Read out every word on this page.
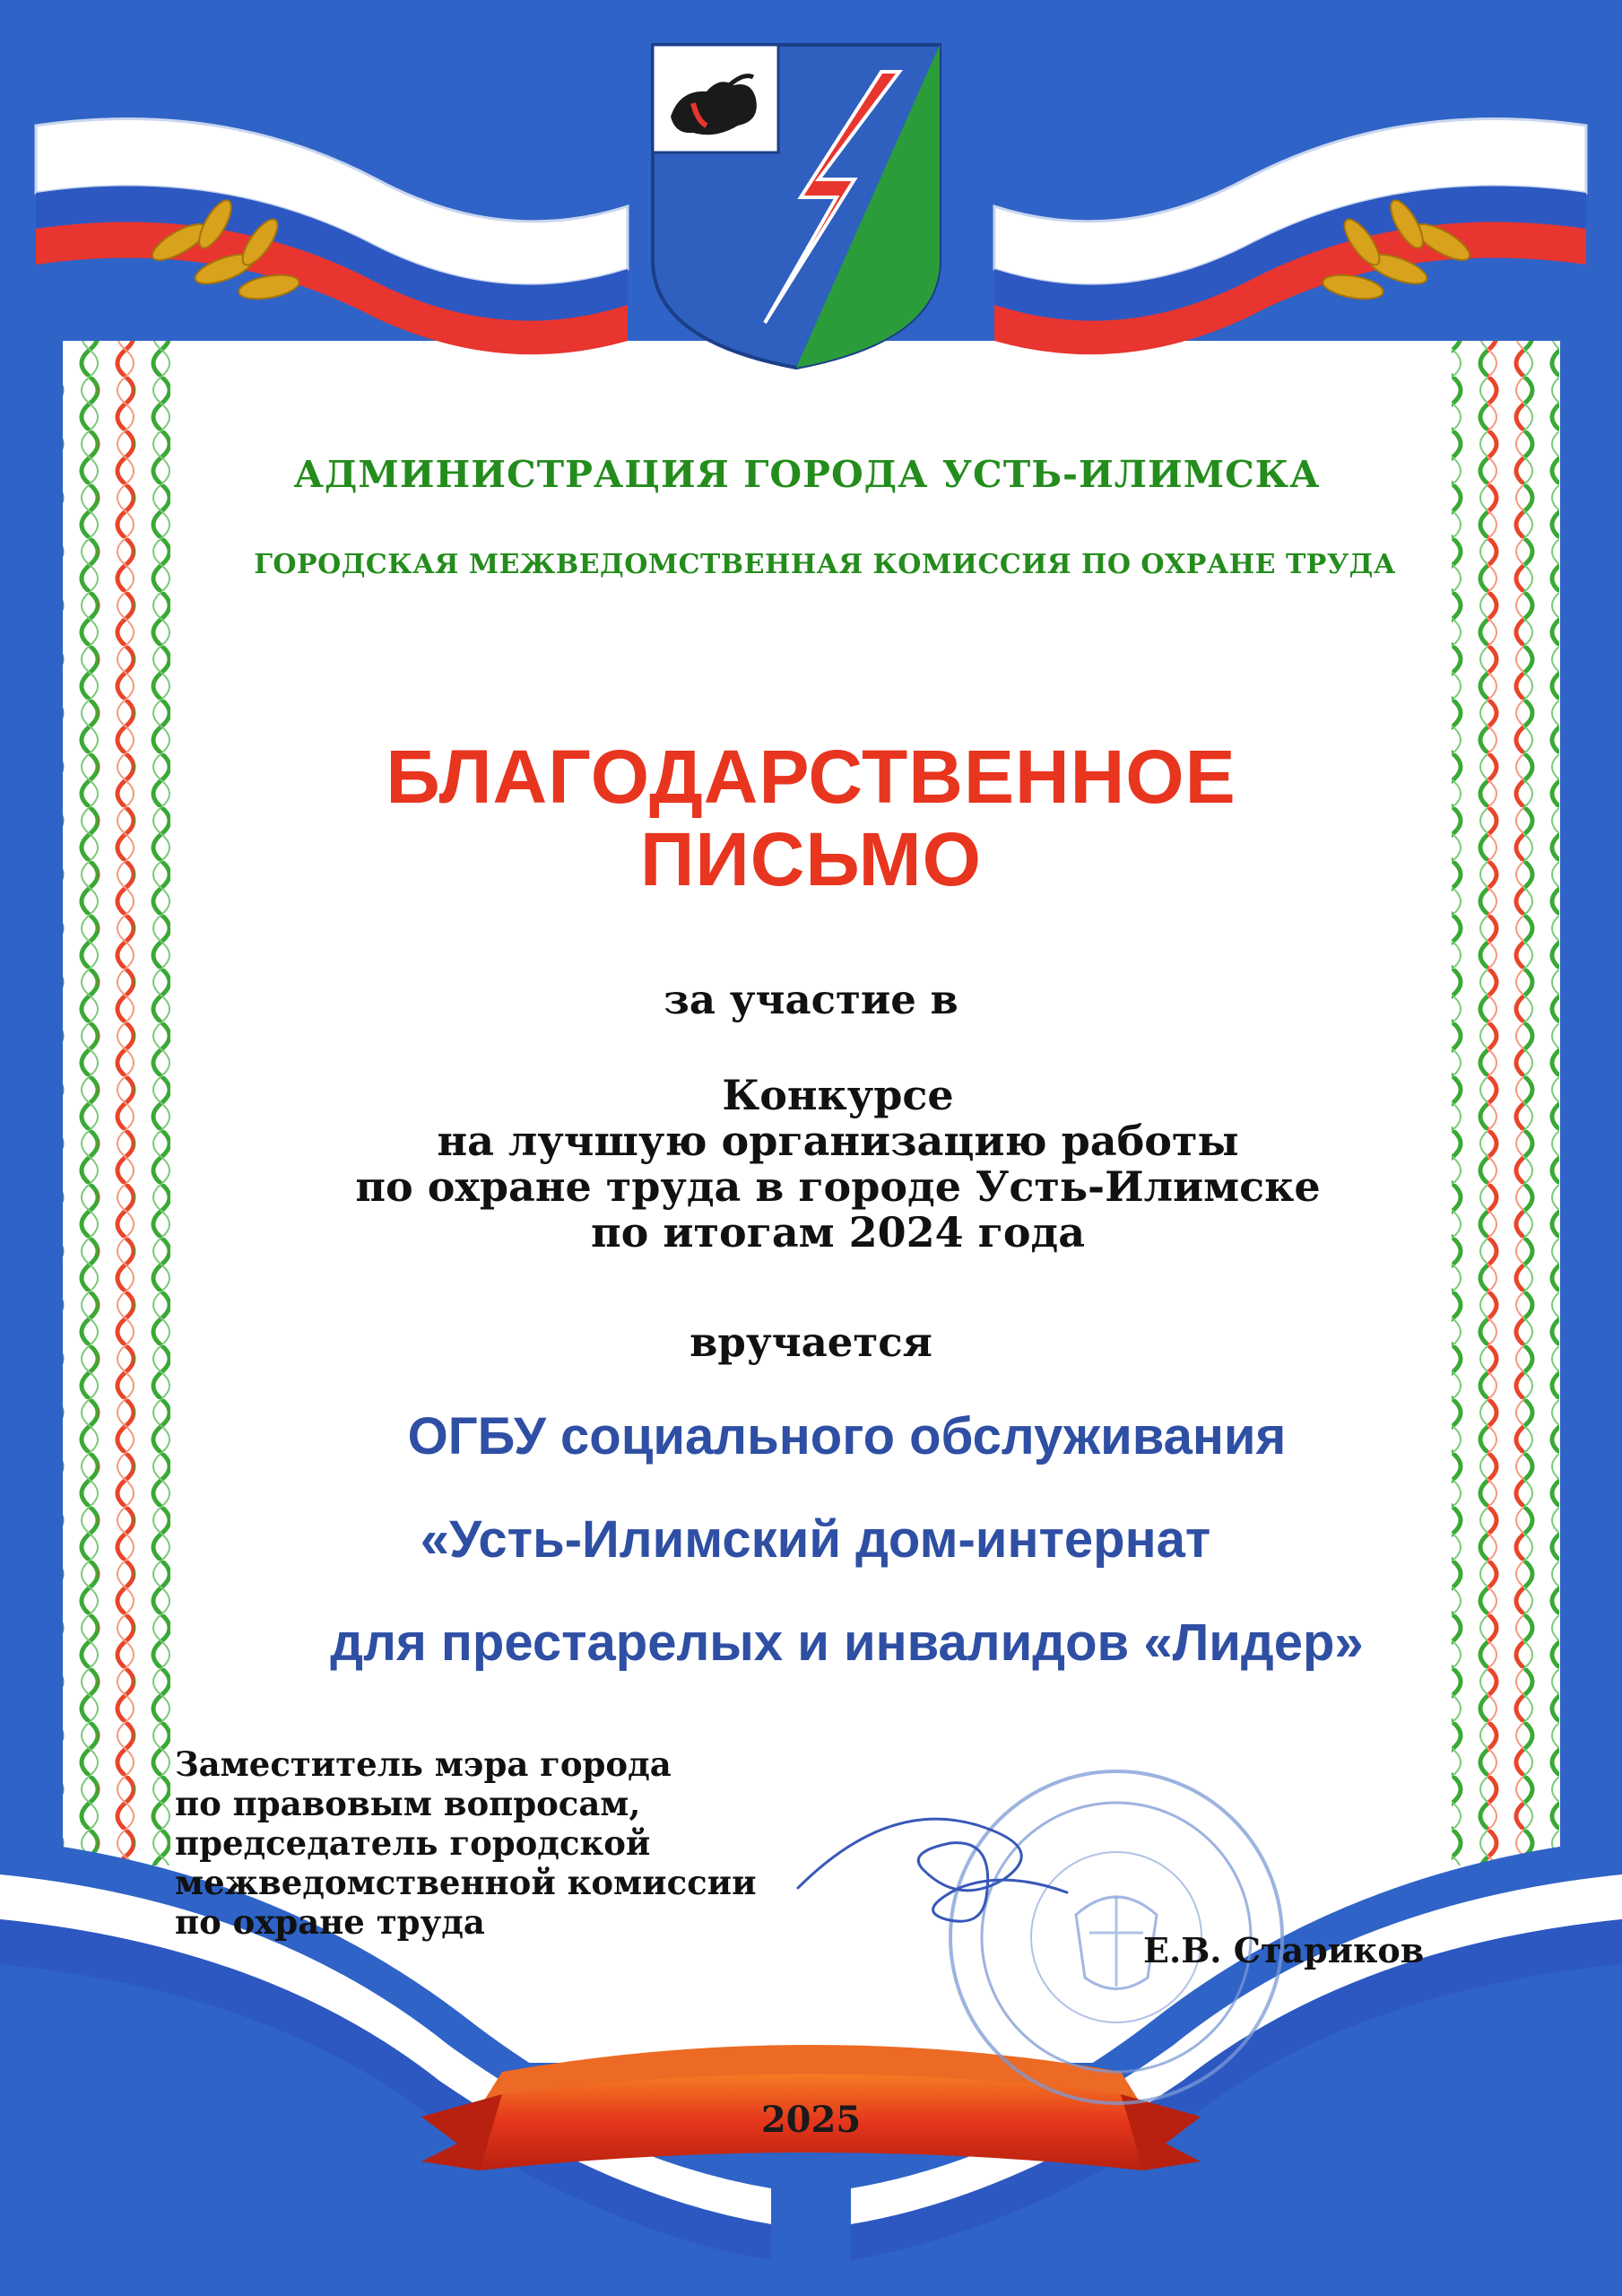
АДМИНИСТРАЦИЯ ГОРОДА УСТЬ-ИЛИМСКА
ГОРОДСКАЯ МЕЖВЕДОМСТВЕННАЯ КОМИССИЯ ПО ОХРАНЕ ТРУДА
БЛАГОДАРСТВЕННОЕ
ПИСЬМО

за участие в

Конкурсе
на лучшую организацию работы
по охране труда в городе Усть-Илимске
по итогам 2024 года

вручается

ОГБУ социального обслуживания

«Усть-Илимский дом-интернат

для престарелых и инвалидов «Лидер»

Заместитель мэра города
по правовым вопросам,
председатель городской
межведомственной комиссии
по охране труда
Е.В. Стариков
2025
